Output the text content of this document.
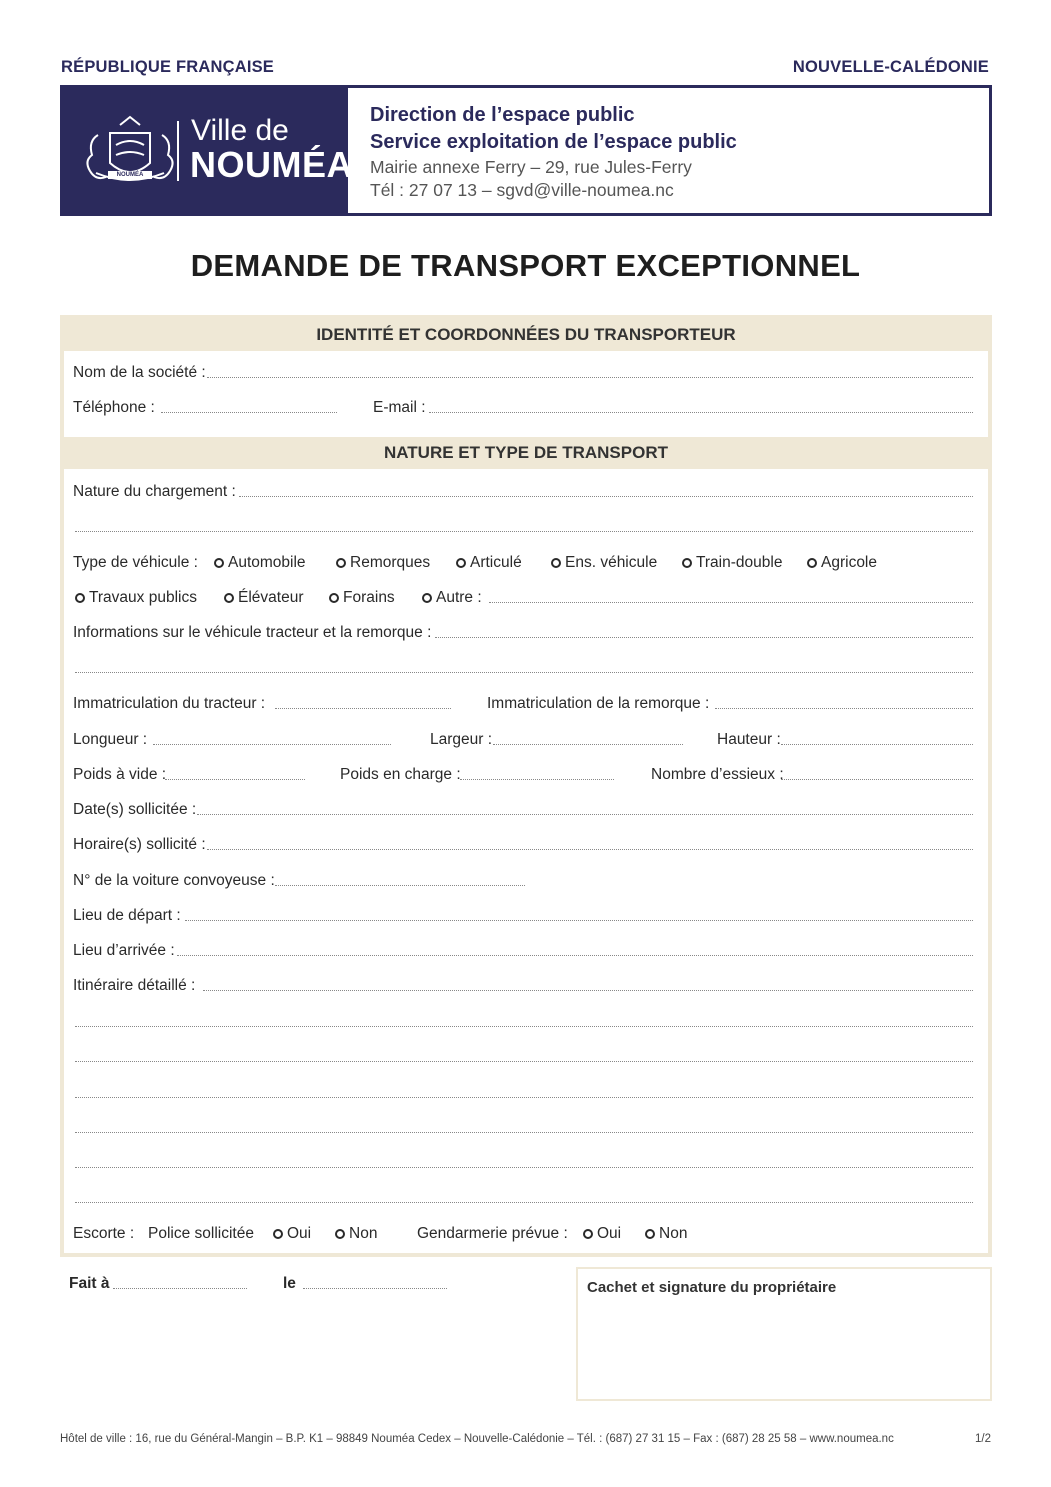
RÉPUBLIQUE FRANÇAISE	NOUVELLE-CALÉDONIE
Ville de
NOUMÉA
NOUMÉA
Direction de l’espace public
Service exploitation de l’espace public
Mairie annexe Ferry – 29, rue Jules-Ferry
Tél : 27 07 13 – sgvd@ville-noumea.nc
DEMANDE DE TRANSPORT EXCEPTIONNEL
IDENTITÉ ET COORDONNÉES DU TRANSPORTEUR
NATURE ET TYPE DE TRANSPORT
Nom de la société :
Téléphone :	E-mail :
Nature du chargement :
Type de véhicule :	Automobile	Remorques	Articulé	Ens. véhicule	Train-double	Agricole
Travaux publics	Élévateur	Forains	Autre :
Informations sur le véhicule tracteur et la remorque :
Immatriculation du tracteur :	Immatriculation de la remorque :
Longueur :	Largeur :	Hauteur :
Poids à vide :	Poids en charge :	Nombre d’essieux :
Date(s) sollicitée :
Horaire(s) sollicité :
N° de la voiture convoyeuse :
Lieu de départ :
Lieu d’arrivée :
Itinéraire détaillé :
Escorte : Police sollicitée	Oui	Non	Gendarmerie prévue :	Oui	Non
Fait à	le	Cachet et signature du propriétaire
Hôtel de ville : 16, rue du Général-Mangin – B.P. K1 – 98849 Nouméa Cedex – Nouvelle-Calédonie – Tél. : (687) 27 31 15 – Fax : (687) 28 25 58 – www.noumea.nc	1/2
